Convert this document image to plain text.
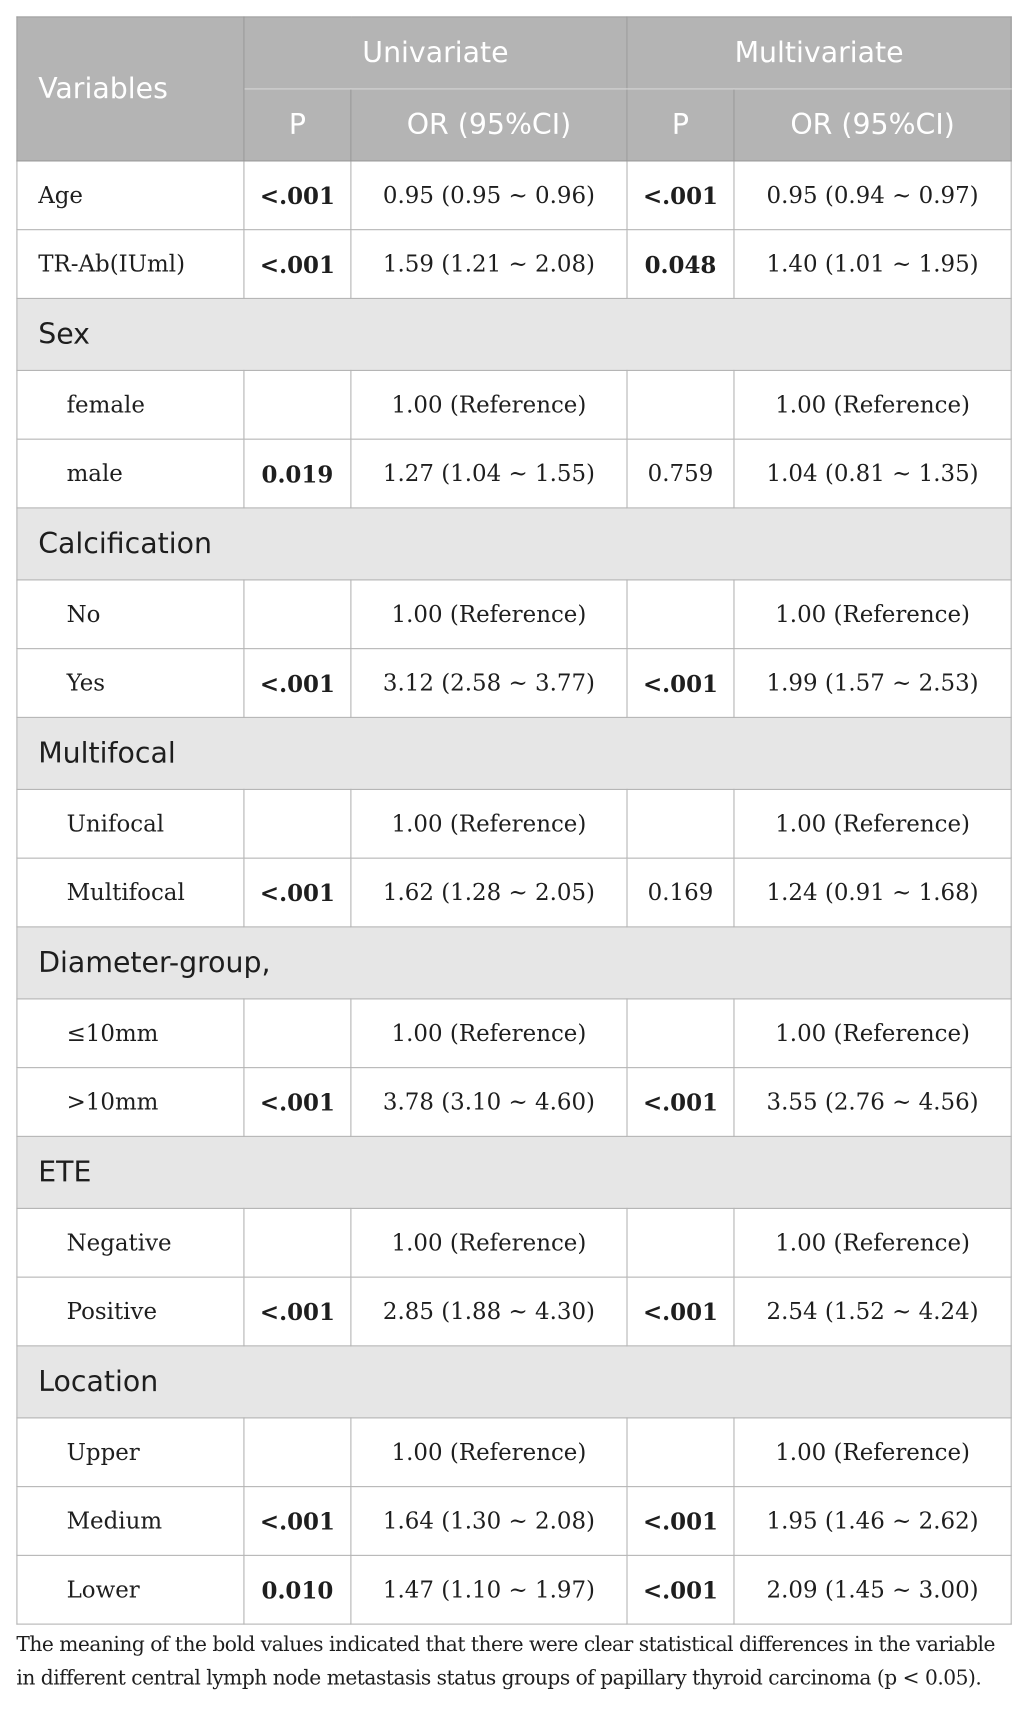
Variables	Univariate		Multivariate	
	P	OR (95%CI)	P	OR (95%CI)
Age	<.001	0.95 (0.95 ~ 0.96)	<.001	0.95 (0.94 ~ 0.97)
TR-Ab(IUml)	<.001	1.59 (1.21 ~ 2.08)	0.048	1.40 (1.01 ~ 1.95)
Sex				
female		1.00 (Reference)		1.00 (Reference)
male	0.019	1.27 (1.04 ~ 1.55)	0.759	1.04 (0.81 ~ 1.35)
Calcification				
No		1.00 (Reference)		1.00 (Reference)
Yes	<.001	3.12 (2.58 ~ 3.77)	<.001	1.99 (1.57 ~ 2.53)
Multifocal				
Unifocal		1.00 (Reference)		1.00 (Reference)
Multifocal	<.001	1.62 (1.28 ~ 2.05)	0.169	1.24 (0.91 ~ 1.68)
Diameter-group,				
≤10mm		1.00 (Reference)		1.00 (Reference)
>10mm	<.001	3.78 (3.10 ~ 4.60)	<.001	3.55 (2.76 ~ 4.56)
ETE				
Negative		1.00 (Reference)		1.00 (Reference)
Positive	<.001	2.85 (1.88 ~ 4.30)	<.001	2.54 (1.52 ~ 4.24)
Location				
Upper		1.00 (Reference)		1.00 (Reference)
Medium	<.001	1.64 (1.30 ~ 2.08)	<.001	1.95 (1.46 ~ 2.62)
Lower	0.010	1.47 (1.10 ~ 1.97)	<.001	2.09 (1.45 ~ 3.00)

The meaning of the bold values indicated that there were clear statistical differences in the variable in different central lymph node metastasis status groups of papillary thyroid carcinoma (p < 0.05).
